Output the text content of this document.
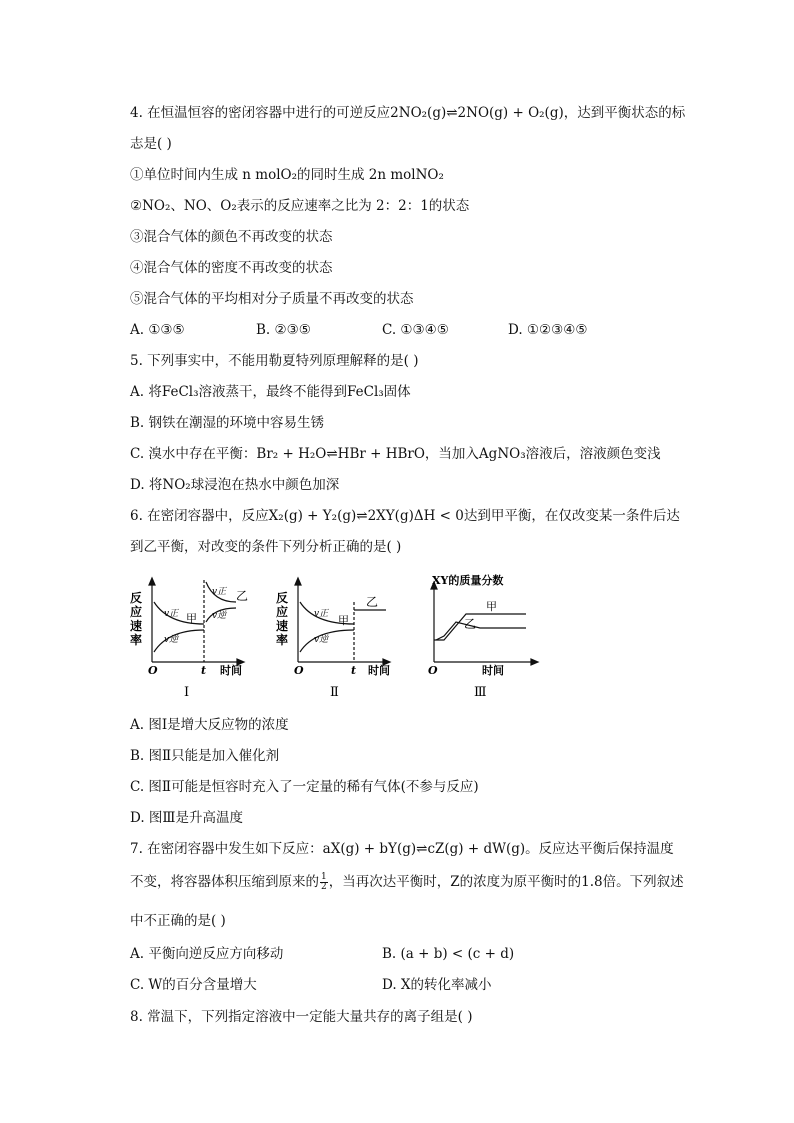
4. 在恒温恒容的密闭容器中进行的可逆反应2NO₂(g)⇌2NO(g) + O₂(g)，达到平衡状态的标
志是( )
①单位时间内生成 n molO₂的同时生成 2n molNO₂
②NO₂、NO、O₂表示的反应速率之比为 2：2：1的状态
③混合气体的颜色不再改变的状态
④混合气体的密度不再改变的状态
⑤混合气体的平均相对分子质量不再改变的状态
A. ①③⑤	B. ②③⑤	C. ①③④⑤	D. ①②③④⑤
5. 下列事实中，不能用勒夏特列原理解释的是( )
A. 将FeCl₃溶液蒸干，最终不能得到FeCl₃固体
B. 钢铁在潮湿的环境中容易生锈
C. 溴水中存在平衡：Br₂ + H₂O⇌HBr + HBrO，当加入AgNO₃溶液后，溶液颜色变浅
D. 将NO₂球浸泡在热水中颜色加深
6. 在密闭容器中，反应X₂(g) + Y₂(g)⇌2XY(g)ΔH < 0达到甲平衡，在仅改变某一条件后达
到乙平衡，对改变的条件下列分析正确的是( )
反
应
速
率
v正
v逆
甲
v正
v逆
乙
O	t 时间
Ⅰ
反
应
速
率
v正
v逆
甲
乙
O	t 时间
Ⅱ
XY的质量分数
甲
乙
O	时间
Ⅲ
A. 图Ⅰ是增大反应物的浓度
B. 图Ⅱ只能是加入催化剂
C. 图Ⅱ可能是恒容时充入了一定量的稀有气体(不参与反应)
D. 图Ⅲ是升高温度
7. 在密闭容器中发生如下反应：aX(g) + bY(g)⇌cZ(g) + dW(g)。反应达平衡后保持温度
不变，将容器体积压缩到原来的 $\frac{1}{2}$ ，当再次达平衡时，Z的浓度为原平衡时的1.8倍。下列叙述
中不正确的是( )
A. 平衡向逆反应方向移动	B. (a + b) < (c + d)
C. W的百分含量增大	D. X的转化率减小
8. 常温下，下列指定溶液中一定能大量共存的离子组是( )
